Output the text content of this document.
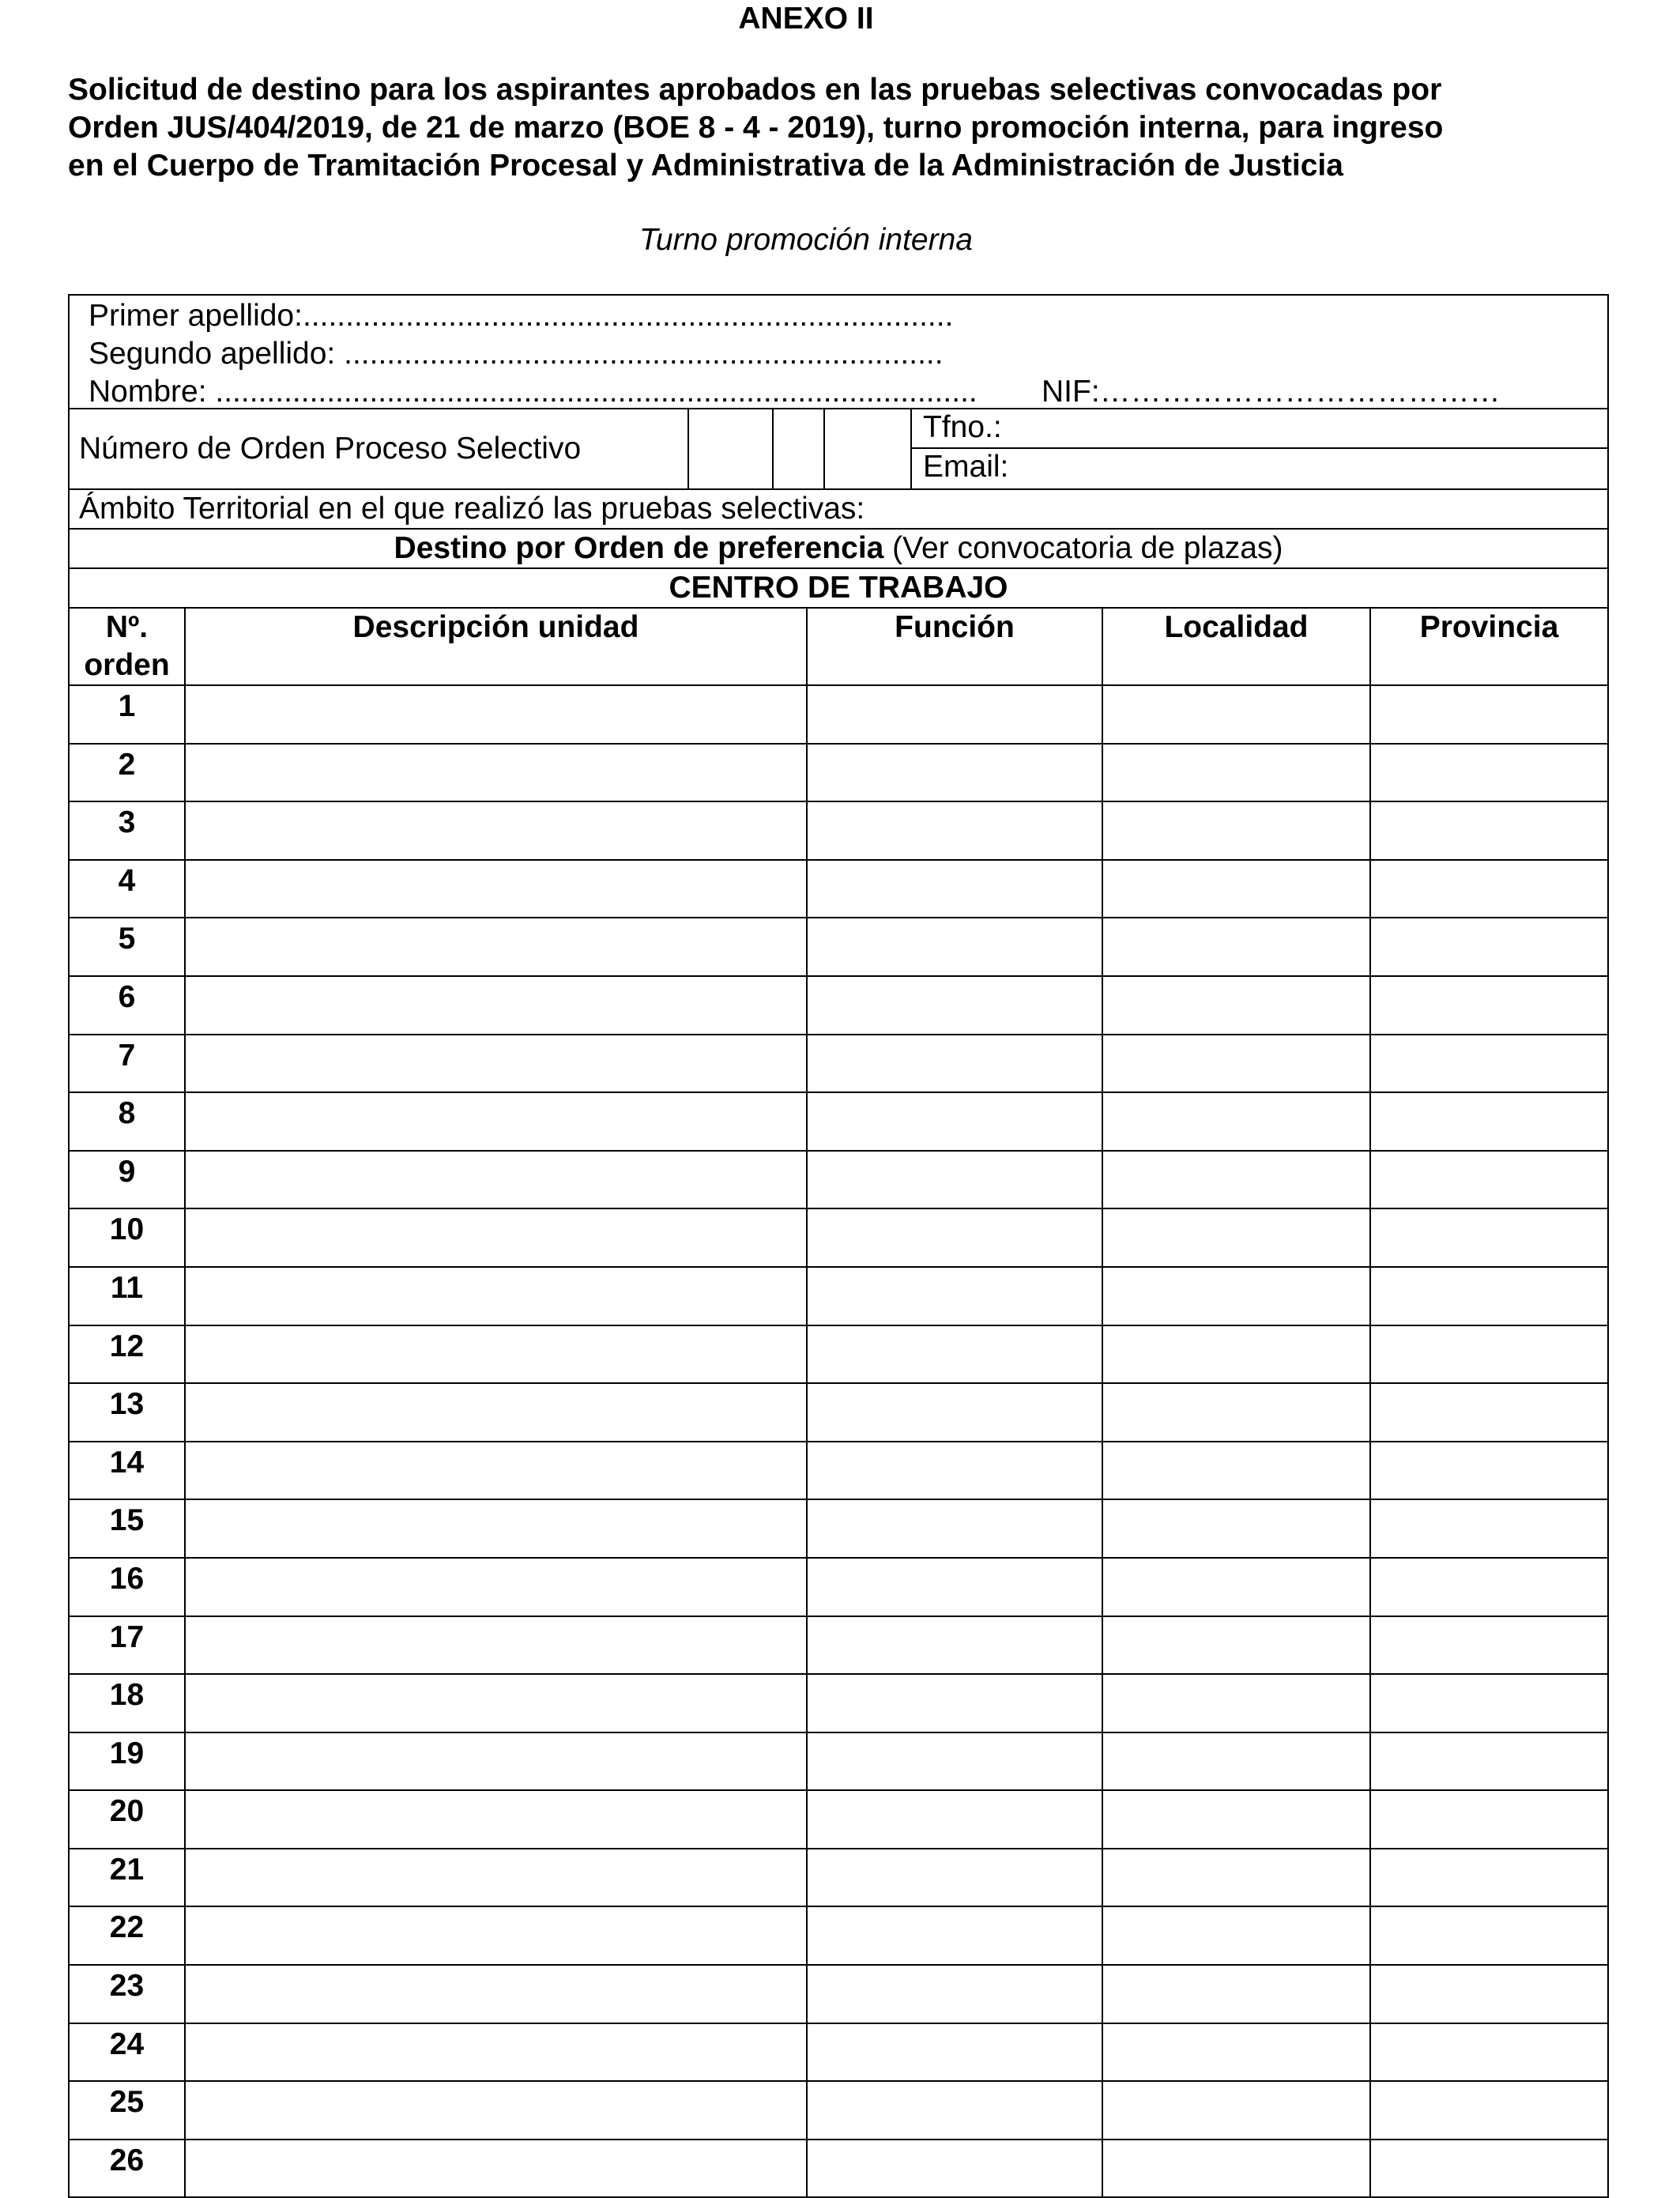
ANEXO II
Solicitud de destino para los aspirantes aprobados en las pruebas selectivas convocadas por
Orden JUS/404/2019, de 21 de marzo (BOE 8 - 4 - 2019), turno promoción interna, para ingreso
en el Cuerpo de Tramitación Procesal y Administrativa de la Administración de Justicia
Turno promoción interna
Primer apellido:............................................................................
Segundo apellido: ......................................................................
Nombre: .........................................................................................	NIF:…………………………………
Número de Orden Proceso Selectivo
Tfno.:
Email:
Ámbito Territorial en el que realizó las pruebas selectivas:
Destino por Orden de preferencia (Ver convocatoria de plazas)
CENTRO DE TRABAJO
Nº.
orden	Descripción unidad	Función	Localidad	Provincia
1				
2				
3				
4				
5				
6				
7				
8				
9				
10				
11				
12				
13				
14				
15				
16				
17				
18				
19				
20				
21				
22				
23				
24				
25				
26				
